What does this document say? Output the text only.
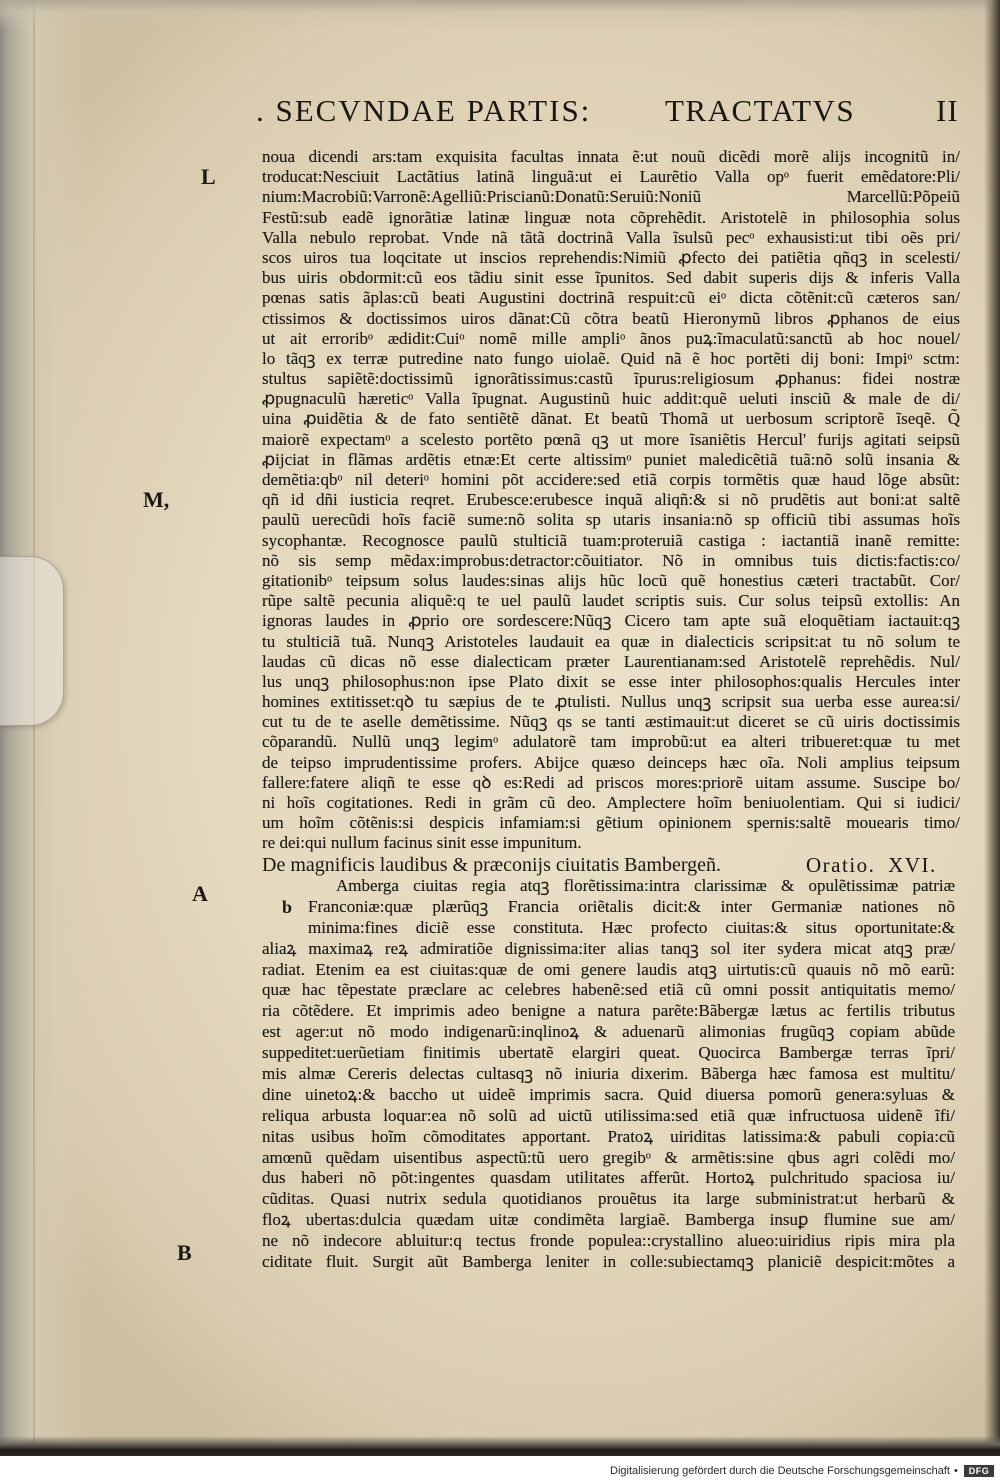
. SECVNDAE PARTIS: TRACTATVS	II
L
M,
A
B
noua dicendi ars:tam exquisita facultas innata ẽ:ut nouũ dicẽdi morẽ alijs incognitũ in/
troducat:Nesciuit Lactãtius latinã linguã:ut ei Laurẽtio Valla opᵒ fuerit emẽdatore:Pli/
nium:Macrobiũ:Varronẽ:Agelliũ:Priscianũ:Donatũ:Seruiũ:Noniũ Marcellũ:Põpeiũ
Festũ:sub eadẽ ignorãtiæ latinæ linguæ nota cõprehẽdit. Aristotelẽ in philosophia solus
Valla nebulo reprobat. Vnde nã tãtã doctrinã Valla ĩsulsũ pecᵒ exhausisti:ut tibi oẽs pri/
scos uiros tua loqcitate ut inscios reprehendis:Nimiũ ꝓfecto dei patiẽtia qñqꝫ in scelesti/
bus uiris obdormit:cũ eos tãdiu sinit esse ĩpunitos. Sed dabit superis dijs & inferis Valla
pœnas satis ãplas:cũ beati Augustini doctrinã respuit:cũ eiᵒ dicta cõtẽnit:cũ cæteros san/
ctissimos & doctissimos uiros dãnat:Cũ cõtra beatũ Hieronymũ libros ꝓphanos de eius
ut ait erroribᵒ ædidit:Cuiᵒ nomẽ mille ampliᵒ ãnos puꝝ:ĩmaculatũ:sanctũ ab hoc nouel/
lo tãqꝫ ex terræ putredine nato fungo uiolaẽ. Quid nã ẽ hoc portẽti dij boni: Impiᵒ sctm:
stultus sapiẽtẽ:doctissimũ ignorãtissimus:castũ ĩpurus:religiosum ꝓphanus: fidei nostræ
ꝓpugnaculũ hæreticᵒ Valla ĩpugnat. Augustinũ huic addit:quẽ ueluti insciũ & male de di/
uina ꝓuidẽtia & de fato sentiẽtẽ dãnat. Et beatũ Thomã ut uerbosum scriptorẽ ĩseqẽ. Q̃
maiorẽ expectamᵒ a scelesto portẽto pœnã qꝫ ut more ĩsaniẽtis Hercul' furijs agitati seipsũ
ꝓijciat in flãmas ardẽtis etnæ:Et certe altissimᵒ puniet maledicẽtiã tuã:nõ solũ insania &
demẽtia:qbᵒ nil deteriᵒ homini põt accidere:sed etiã corpis tormẽtis quæ haud lõge absũt:
qñ id dñi iusticia reqret. Erubesce:erubesce inquã aliqñ:& si nõ prudẽtis aut boni:at saltẽ
paulũ uerecũdi hoĩs faciẽ sume:nõ solita sp utaris insania:nõ sp officiũ tibi assumas hoĩs
sycophantæ. Recognosce paulũ stulticiã tuam:proteruiã castiga : iactantiã inanẽ remitte:
nõ sis semp mẽdax:improbus:detractor:cõuitiator. Nõ in omnibus tuis dictis:factis:co/
gitationibᵒ teipsum solus laudes:sinas alijs hũc locũ quẽ honestius cæteri tractabũt. Cor/
rũpe saltẽ pecunia aliquẽ:q te uel paulũ laudet scriptis suis. Cur solus teipsũ extollis: An
ignoras laudes in ꝓprio ore sordescere:Nũqꝫ Cicero tam apte suã eloquẽtiam iactauit:qꝫ
tu stulticiã tuã. Nunqꝫ Aristoteles laudauit ea quæ in dialecticis scripsit:at tu nõ solum te
laudas cũ dicas nõ esse dialecticam præter Laurentianam:sed Aristotelẽ reprehẽdis. Nul/
lus unqꝫ philosophus:non ipse Plato dixit se esse inter philosophos:qualis Hercules inter
homines extitisset:qꝺ tu sæpius de te ꝓtulisti. Nullus unqꝫ scripsit sua uerba esse aurea:si/
cut tu de te aselle demẽtissime. Nũqꝫ qs se tanti æstimauit:ut diceret se cũ uiris doctissimis
cõparandũ. Nullũ unqꝫ legimᵒ adulatorẽ tam improbũ:ut ea alteri tribueret:quæ tu met
de teipso imprudentissime profers. Abijce quæso deinceps hæc oĩa. Noli amplius teipsum
fallere:fatere aliqñ te esse qꝺ es:Redi ad priscos mores:priorẽ uitam assume. Suscipe bo/
ni hoĩs cogitationes. Redi in grãm cũ deo. Amplectere hoĩm beniuolentiam. Qui si iudici/
um hoĩm cõtẽnis:si despicis infamiam:si gẽtium opinionem spernis:saltẽ mouearis timo/
re dei:qui nullum facinus sinit esse impunitum.
De magnificis laudibus & præconijs ciuitatis Bambergeñ.	Oratio. XVI.
b
Amberga ciuitas regia atqꝫ florẽtissima:intra clarissimæ & opulẽtissimæ patriæ
Franconiæ:quæ plærũqꝫ Francia oriẽtalis dicit:& inter Germaniæ nationes nõ
minima:fines diciẽ esse constituta. Hæc profecto ciuitas:& situs oportunitate:&
aliaꝝ maximaꝝ reꝝ admiratiõe dignissima:iter alias tanqꝫ sol iter sydera micat atqꝫ præ/
radiat. Etenim ea est ciuitas:quæ de omi genere laudis atqꝫ uirtutis:cũ quauis nõ mõ earũ:
quæ hac tẽpestate præclare ac celebres habenẽ:sed etiã cũ omni possit antiquitatis memo/
ria cõtẽdere. Et imprimis adeo benigne a natura parẽte:Bãbergæ lætus ac fertilis tributus
est ager:ut nõ modo indigenarũ:inqlinoꝝ & aduenarũ alimonias frugũqꝫ copiam abũde
suppeditet:uerũetiam finitimis ubertatẽ elargiri queat. Quocirca Bambergæ terras ĩpri/
mis almæ Cereris delectas cultasqꝫ nõ iniuria dixerim. Bãberga hæc famosa est multitu/
dine uinetoꝝ:& baccho ut uideẽ imprimis sacra. Quid diuersa pomorũ genera:syluas &
reliqua arbusta loquar:ea nõ solũ ad uictũ utilissima:sed etiã quæ infructuosa uidenẽ ĩfi/
nitas usibus hoĩm cõmoditates apportant. Pratoꝝ uiriditas latissima:& pabuli copia:cũ
amœnũ quẽdam uisentibus aspectũ:tũ uero gregibᵒ & armẽtis:sine qbus agri colẽdi mo/
dus haberi nõ põt:ingentes quasdam utilitates afferũt. Hortoꝝ pulchritudo spaciosa iu/
cũditas. Quasi nutrix sedula quotidianos prouẽtus ita large subministrat:ut herbarũ &
floꝝ ubertas:dulcia quædam uitæ condimẽta largiaẽ. Bamberga insuꝑ flumine sue am/
ne nõ indecore abluitur:q tectus fronde populea::crystallino alueo:uiridius ripis mira pla
ciditate fluit. Surgit aũt Bamberga leniter in colle:subiectamqꝫ planiciẽ despicit:mõtes a
Digitalisierung gefördert durch die Deutsche Forschungsgemeinschaft •	DFG
